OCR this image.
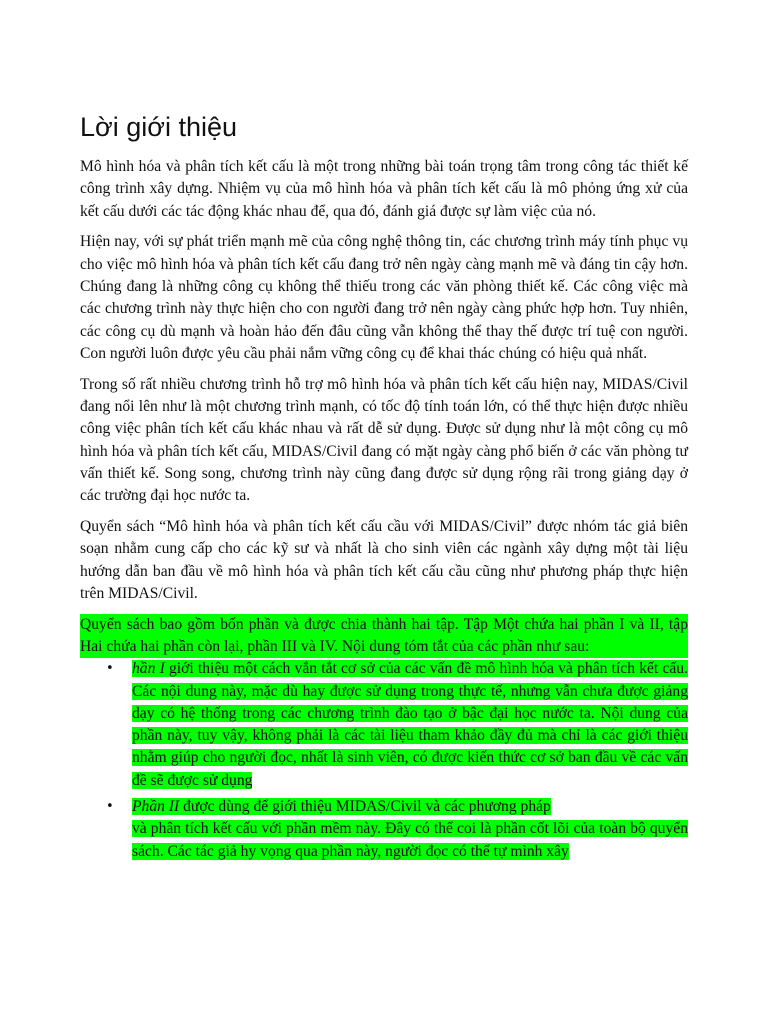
Lời giới thiệu

Mô hình hóa và phân tích kết cấu là một trong những bài toán trọng tâm trong công tác thiết kế công trình xây dựng. Nhiệm vụ của mô hình hóa và phân tích kết cấu là mô phỏng ứng xử của kết cấu dưới các tác động khác nhau để, qua đó, đánh giá được sự làm việc của nó.

Hiện nay, với sự phát triển mạnh mẽ của công nghệ thông tin, các chương trình máy tính phục vụ cho việc mô hình hóa và phân tích kết cấu đang trở nên ngày càng mạnh mẽ và đáng tin cậy hơn. Chúng đang là những công cụ không thể thiếu trong các văn phòng thiết kế. Các công việc mà các chương trình này thực hiện cho con người đang trở nên ngày càng phức hợp hơn. Tuy nhiên, các công cụ dù mạnh và hoàn hảo đến đâu cũng vẫn không thể thay thế được trí tuệ con người. Con người luôn được yêu cầu phải nắm vững công cụ để khai thác chúng có hiệu quả nhất.

Trong số rất nhiều chương trình hỗ trợ mô hình hóa và phân tích kết cấu hiện nay, MIDAS/Civil đang nổi lên như là một chương trình mạnh, có tốc độ tính toán lớn, có thể thực hiện được nhiều công việc phân tích kết cấu khác nhau và rất dễ sử dụng. Được sử dụng như là một công cụ mô hình hóa và phân tích kết cấu, MIDAS/Civil đang có mặt ngày càng phổ biến ở các văn phòng tư vấn thiết kế. Song song, chương trình này cũng đang được sử dụng rộng rãi trong giảng dạy ở các trường đại học nước ta.

Quyển sách “Mô hình hóa và phân tích kết cấu cầu với MIDAS/Civil” được nhóm tác giả biên soạn nhằm cung cấp cho các kỹ sư và nhất là cho sinh viên các ngành xây dựng một tài liệu hướng dẫn ban đầu về mô hình hóa và phân tích kết cấu cầu cũng như phương pháp thực hiện trên MIDAS/Civil.

Quyển sách bao gồm bốn phần và được chia thành hai tập. Tập Một chứa hai phần I và II, tập Hai chứa hai phần còn lại, phần III và IV. Nội dung tóm tắt của các phần như sau:

• hần I giới thiệu một cách vắn tắt cơ sở của các vấn đề mô hình hóa và phân tích kết cấu. Các nội dung này, mặc dù hay được sử dụng trong thực tế, nhưng vẫn chưa được giảng dạy có hệ thống trong các chương trình đào tạo ở bậc đại học nước ta. Nội dung của phần này, tuy vậy, không phải là các tài liệu tham khảo đầy đủ mà chỉ là các giới thiệu nhằm giúp cho người đọc, nhất là sinh viên, có được kiến thức cơ sở ban đầu về các vấn đề sẽ được sử dụng
• Phần II được dùng để giới thiệu MIDAS/Civil và các phương pháp
và phân tích kết cấu với phần mềm này. Đây có thể coi là phần cốt lõi của toàn bộ quyển sách. Các tác giả hy vọng qua phần này, người đọc có thể tự mình xây
